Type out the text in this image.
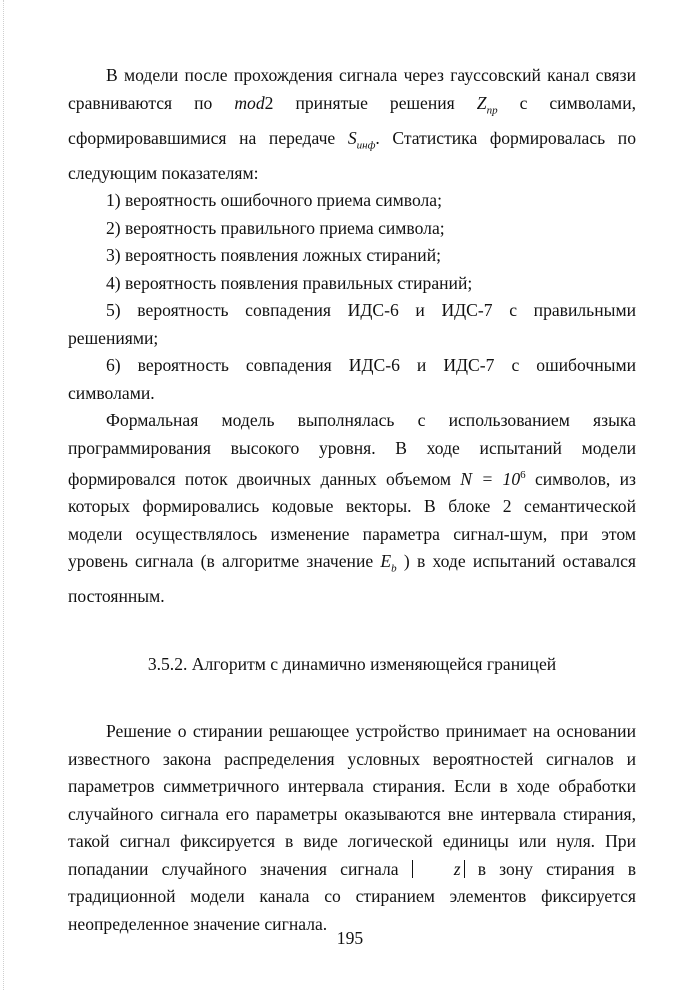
В модели после прохождения сигнала через гауссовский канал связи сравниваются по mod2 принятые решения $Z_{пр}$ с символами, сформировавшимися на передаче $S_{инф}$. Статистика формировалась по следующим показателям:

1) вероятность ошибочного приема символа;

2) вероятность правильного приема символа;

3) вероятность появления ложных стираний;

4) вероятность появления правильных стираний;

5) вероятность совпадения ИДС-6 и ИДС-7 с правильными решениями;

6) вероятность совпадения ИДС-6 и ИДС-7 с ошибочными символами.

Формальная модель выполнялась с использованием языка программирования высокого уровня. В ходе испытаний модели формировался поток двоичных данных объемом $N = 10^6$ символов, из которых формировались кодовые векторы. В блоке 2 семантической модели осуществлялось изменение параметра сигнал-шум, при этом уровень сигнала (в алгоритме значение $E_b$ ) в ходе испытаний оставался постоянным.

3.5.2. Алгоритм с динамично изменяющейся границей

Решение о стирании решающее устройство принимает на основании известного закона распределения условных вероятностей сигналов и параметров симметричного интервала стирания. Если в ходе обработки случайного сигнала его параметры оказываются вне интервала стирания, такой сигнал фиксируется в виде логической единицы или нуля. При попадании случайного значения сигнала z в зону стирания в традиционной модели канала со стиранием элементов фиксируется неопределенное значение сигнала.

195
